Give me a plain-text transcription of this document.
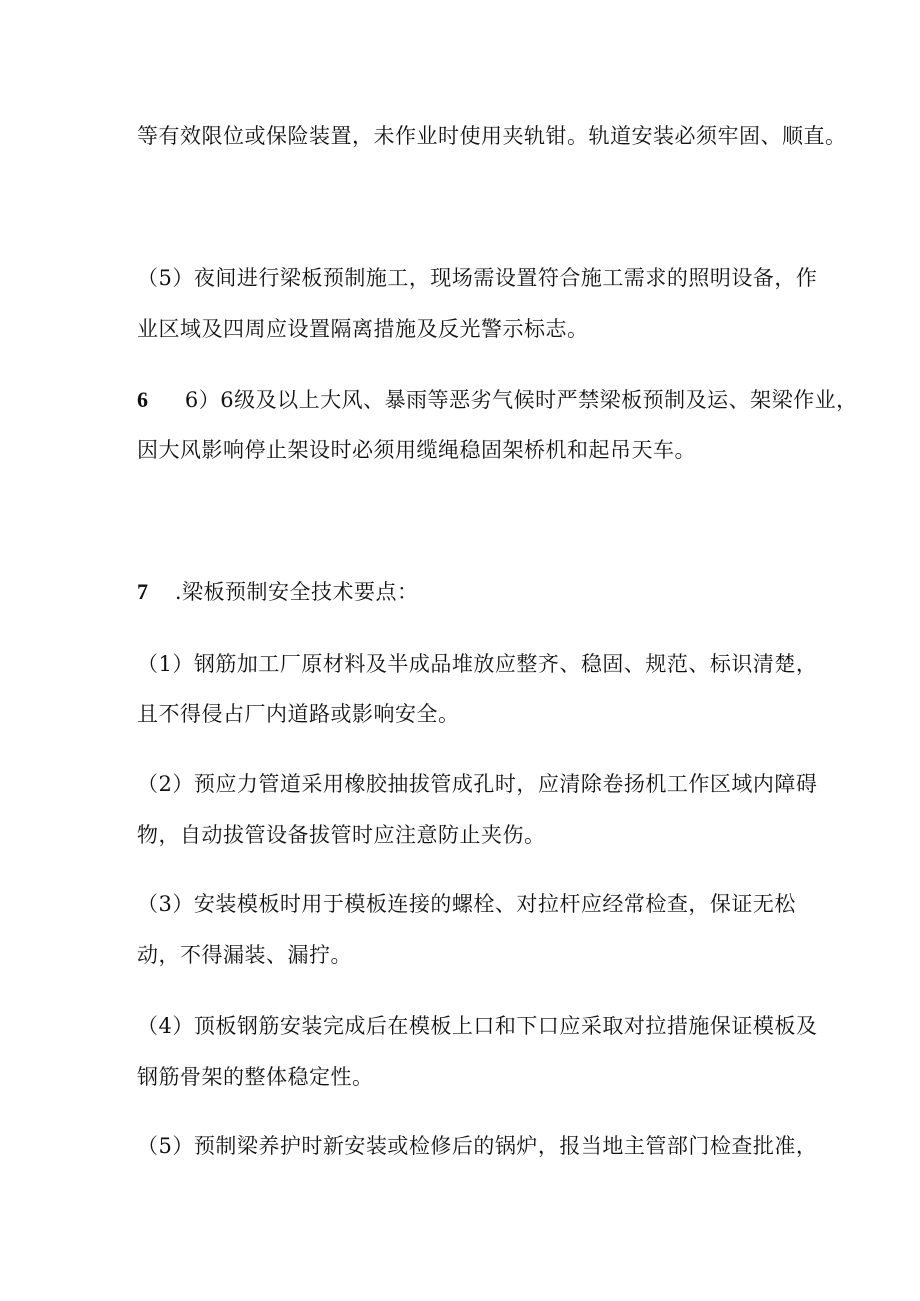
等有效限位或保险装置，未作业时使用夹轨钳。轨道安装必须牢固、顺直。
（5）夜间进行梁板预制施工，现场需设置符合施工需求的照明设备，作
业区域及四周应设置隔离措施及反光警示标志。
6 6）6级及以上大风、暴雨等恶劣气候时严禁梁板预制及运、架梁作业，
因大风影响停止架设时必须用缆绳稳固架桥机和起吊天车。
7 .梁板预制安全技术要点：
（1）钢筋加工厂原材料及半成品堆放应整齐、稳固、规范、标识清楚，
且不得侵占厂内道路或影响安全。
（2）预应力管道采用橡胶抽拔管成孔时，应清除卷扬机工作区域内障碍
物，自动拔管设备拔管时应注意防止夹伤。
（3）安装模板时用于模板连接的螺栓、对拉杆应经常检查，保证无松
动，不得漏装、漏拧。
（4）顶板钢筋安装完成后在模板上口和下口应采取对拉措施保证模板及
钢筋骨架的整体稳定性。
（5）预制梁养护时新安装或检修后的锅炉，报当地主管部门检查批准，
